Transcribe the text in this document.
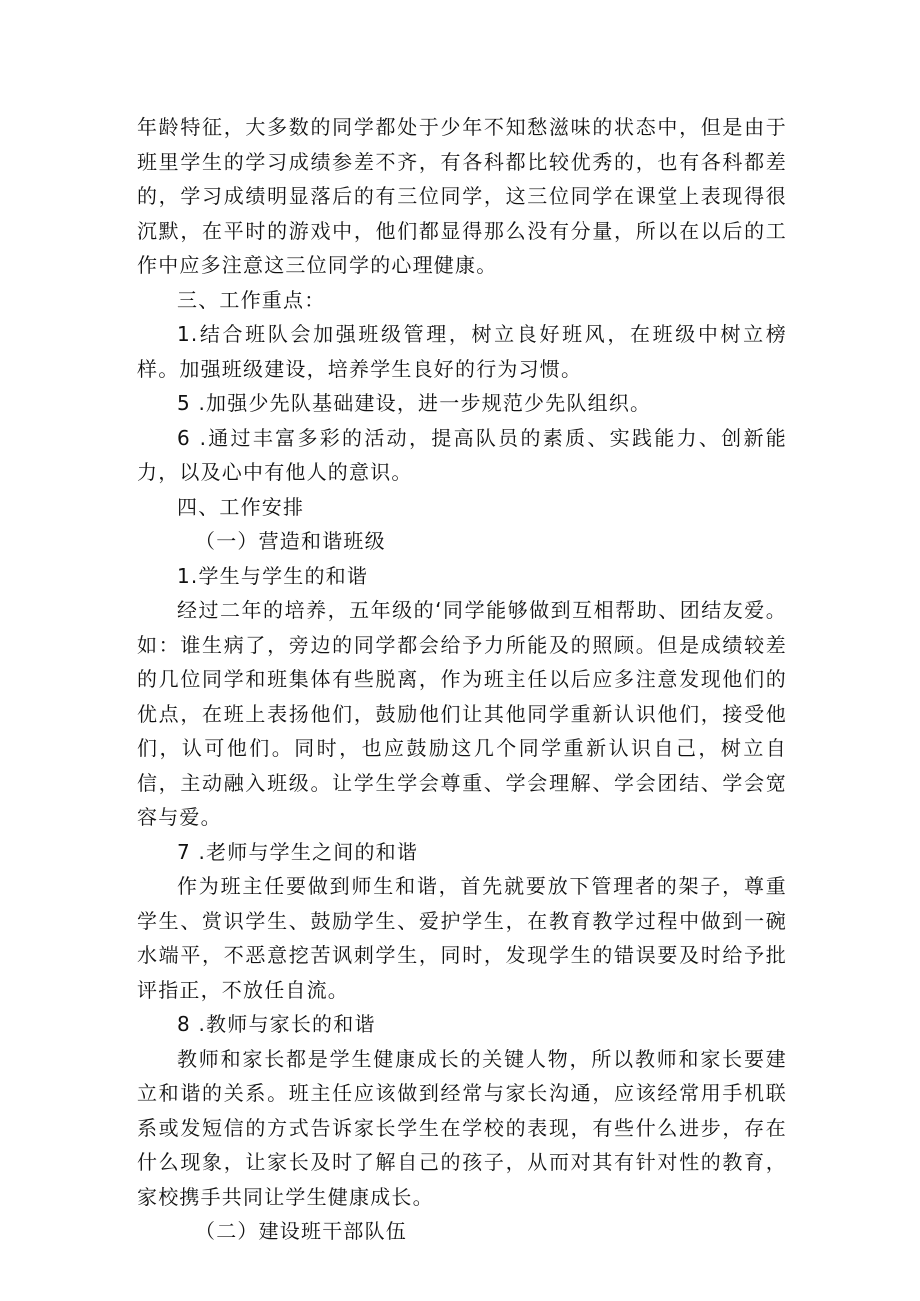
年龄特征，大多数的同学都处于少年不知愁滋味的状态中，但是由于班里学生的学习成绩参差不齐，有各科都比较优秀的，也有各科都差的，学习成绩明显落后的有三位同学，这三位同学在课堂上表现得很沉默，在平时的游戏中，他们都显得那么没有分量，所以在以后的工作中应多注意这三位同学的心理健康。

三、工作重点：

1.结合班队会加强班级管理，树立良好班风，在班级中树立榜样。加强班级建设，培养学生良好的行为习惯。

5 .加强少先队基础建设，进一步规范少先队组织。

6 .通过丰富多彩的活动，提高队员的素质、实践能力、创新能力，以及心中有他人的意识。

四、工作安排

（一）营造和谐班级

1.学生与学生的和谐

经过二年的培养，五年级的‘同学能够做到互相帮助、团结友爱。如：谁生病了，旁边的同学都会给予力所能及的照顾。但是成绩较差的几位同学和班集体有些脱离，作为班主任以后应多注意发现他们的优点，在班上表扬他们，鼓励他们让其他同学重新认识他们，接受他们，认可他们。同时，也应鼓励这几个同学重新认识自己，树立自信，主动融入班级。让学生学会尊重、学会理解、学会团结、学会宽容与爱。

7 .老师与学生之间的和谐

作为班主任要做到师生和谐，首先就要放下管理者的架子，尊重学生、赏识学生、鼓励学生、爱护学生，在教育教学过程中做到一碗水端平，不恶意挖苦讽刺学生，同时，发现学生的错误要及时给予批评指正，不放任自流。

8 .教师与家长的和谐

教师和家长都是学生健康成长的关键人物，所以教师和家长要建立和谐的关系。班主任应该做到经常与家长沟通，应该经常用手机联系或发短信的方式告诉家长学生在学校的表现，有些什么进步，存在什么现象，让家长及时了解自己的孩子，从而对其有针对性的教育，家校携手共同让学生健康成长。

（二）建设班干部队伍
